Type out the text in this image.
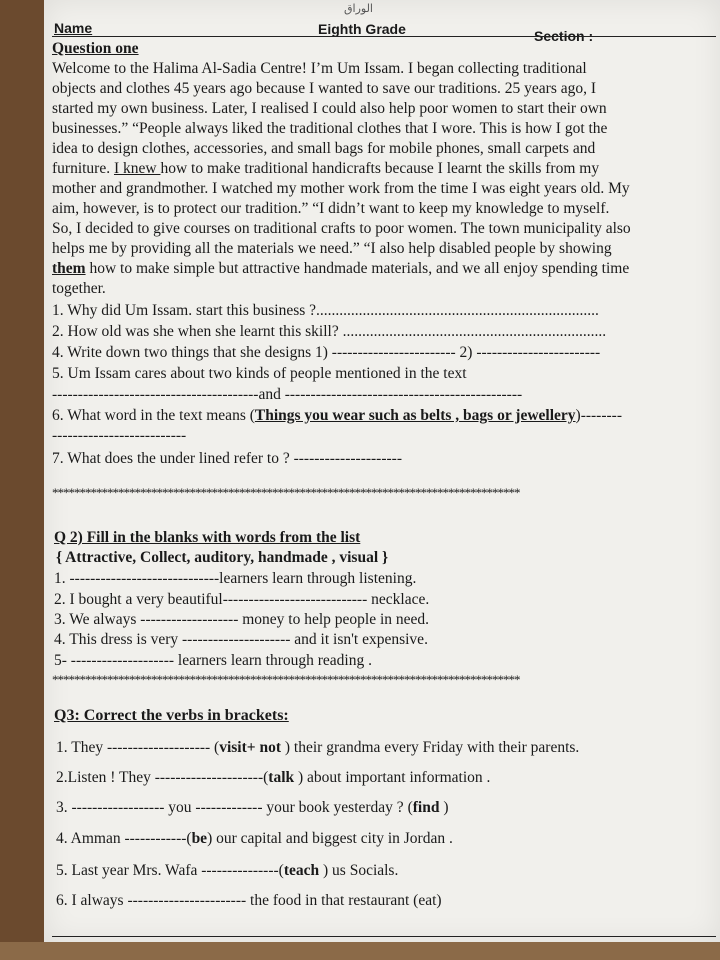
الوراق
Name	Eighth Grade	Section :
Question one
Welcome to the Halima Al-Sadia Centre! I’m Um Issam. I began collecting traditional
objects and clothes 45 years ago because I wanted to save our traditions. 25 years ago, I
started my own business. Later, I realised I could also help poor women to start their own
businesses.” “People always liked the traditional clothes that I wore. This is how I got the
idea to design clothes, accessories, and small bags for mobile phones, small carpets and
furniture. I knew how to make traditional handicrafts because I learnt the skills from my
mother and grandmother. I watched my mother work from the time I was eight years old. My
aim, however, is to protect our tradition.” “I didn’t want to keep my knowledge to myself.
So, I decided to give courses on traditional crafts to poor women. The town municipality also
helps me by providing all the materials we need.” “I also help disabled people by showing
them how to make simple but attractive handmade materials, and we all enjoy spending time
together.
1. Why did Um Issam. start this business ?.........................................................................
2. How old was she when she learnt this skill? ....................................................................
4. Write down two things that she designs 1) ------------------------ 2) ------------------------
5. Um Issam cares about two kinds of people mentioned in the text
----------------------------------------and ----------------------------------------------
6. What word in the text means (Things you wear such as belts , bags or jewellery)--------
--------------------------
7. What does the under lined refer to ? ---------------------
*************************************************************************************
Q 2) Fill in the blanks with words from the list
{ Attractive, Collect, auditory, handmade , visual }
1. -----------------------------learners learn through listening.
2. I bought a very beautiful---------------------------- necklace.
3. We always ------------------- money to help people in need.
4. This dress is very --------------------- and it isn't expensive.
5- -------------------- learners learn through reading .
*************************************************************************************
Q3: Correct the verbs in brackets:
1. They -------------------- (visit+ not ) their grandma every Friday with their parents.
2.Listen ! They ---------------------(talk ) about important information .
3. ------------------ you ------------- your book yesterday ? (find )
4. Amman ------------(be) our capital and biggest city in Jordan .
5. Last year Mrs. Wafa ---------------(teach ) us Socials.
6. I always ----------------------- the food in that restaurant (eat)
